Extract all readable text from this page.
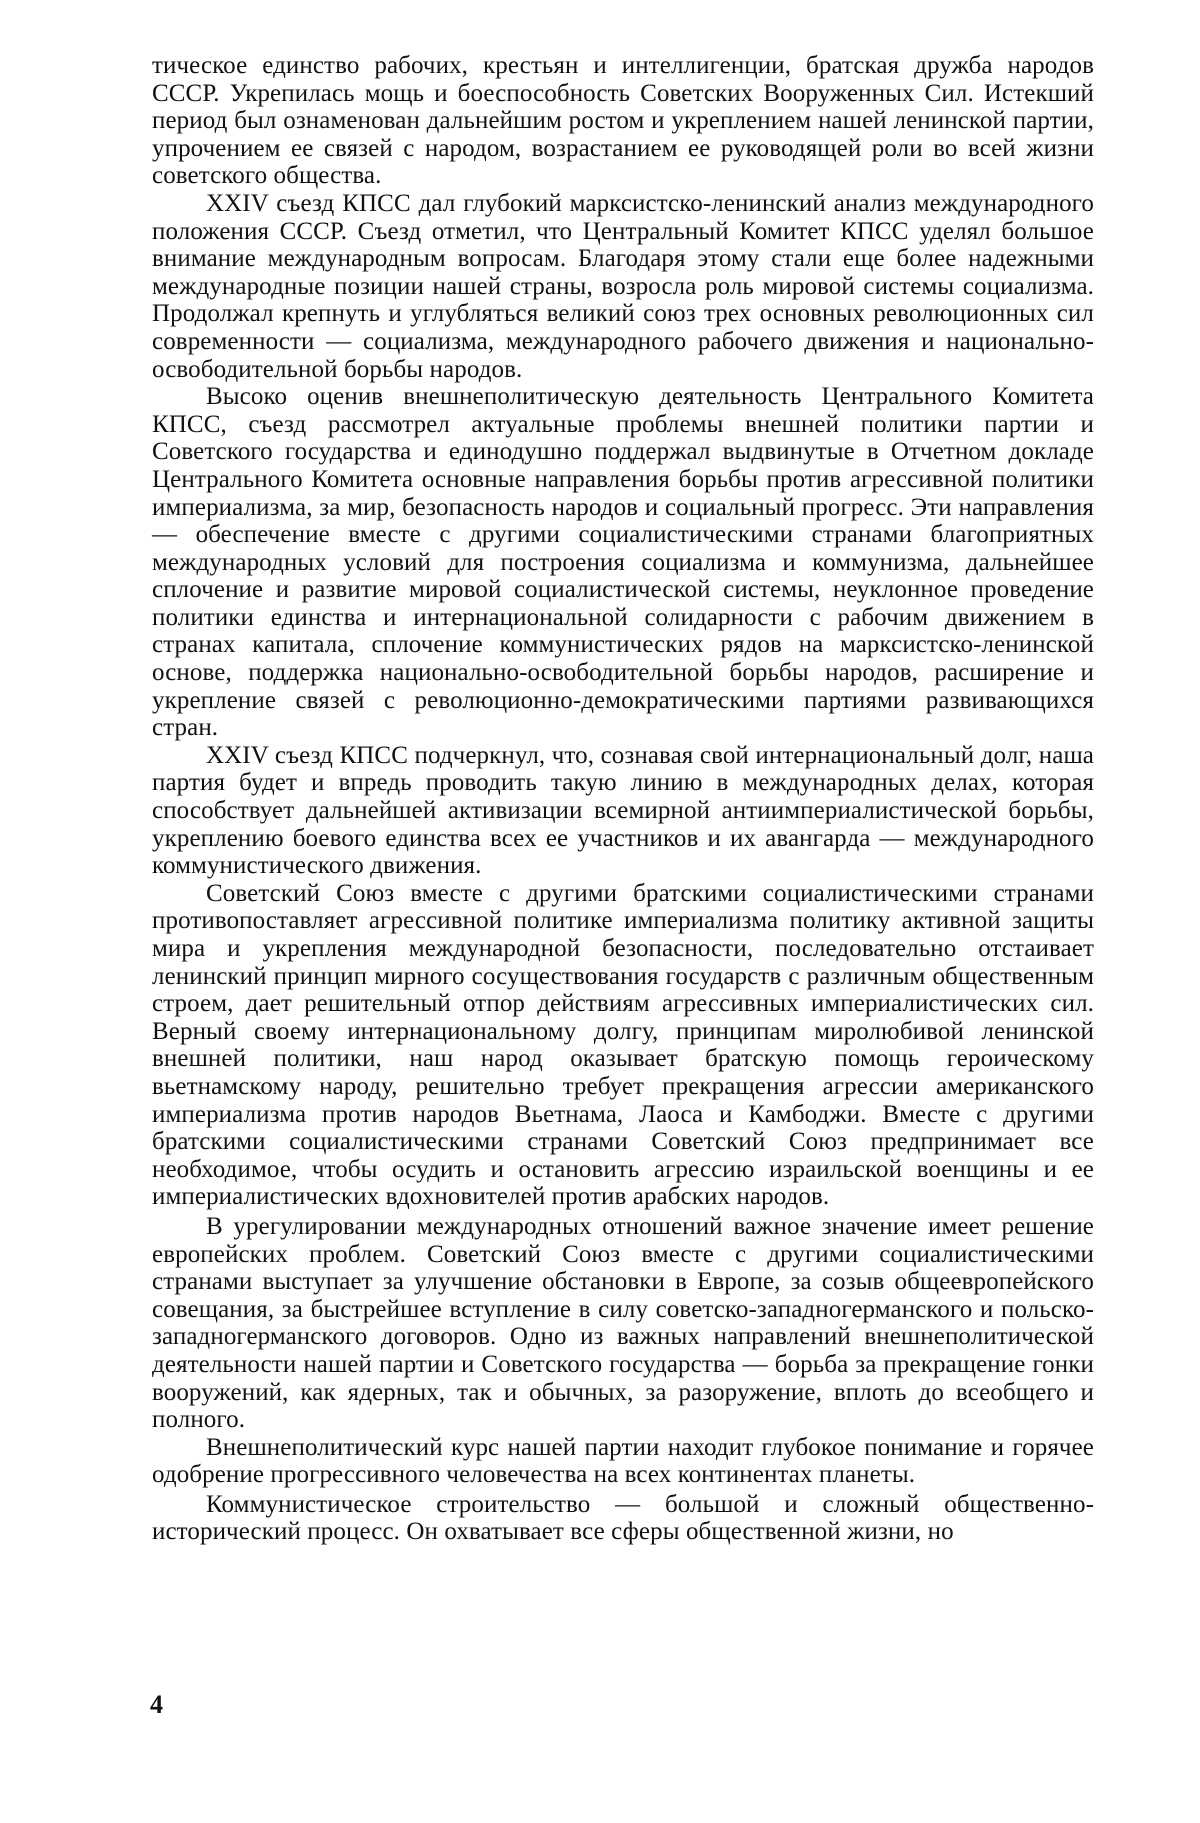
тическое единство рабочих, крестьян и интеллигенции, братская дружба народов СССР. Укрепилась мощь и боеспособность Советских Вооруженных Сил. Истекший период был ознаменован дальнейшим ростом и укреплением нашей ленинской партии, упрочением ее связей с народом, возрастанием ее руководящей роли во всей жизни советского общества.

XXIV съезд КПСС дал глубокий марксистско-ленинский анализ международного положения СССР. Съезд отметил, что Центральный Комитет КПСС уделял большое внимание международным вопросам. Благодаря этому стали еще более надежными международные позиции нашей страны, возросла роль мировой системы социализма. Продолжал крепнуть и углубляться великий союз трех основных революционных сил современности — социализма, международного рабочего движения и национально-освободительной борьбы народов.

Высоко оценив внешнеполитическую деятельность Центрального Комитета КПСС, съезд рассмотрел актуальные проблемы внешней политики партии и Советского государства и единодушно поддержал выдвинутые в Отчетном докладе Центрального Комитета основные направления борьбы против агрессивной политики империализма, за мир, безопасность народов и социальный прогресс. Эти направления — обеспечение вместе с другими социалистическими странами благоприятных международных условий для построения социализма и коммунизма, дальнейшее сплочение и развитие мировой социалистической системы, неуклонное проведение политики единства и интернациональной солидарности с рабочим движением в странах капитала, сплочение коммунистических рядов на марксистско-ленинской основе, поддержка национально-освободительной борьбы народов, расширение и укрепление связей с революционно-демократическими партиями развивающихся стран.

XXIV съезд КПСС подчеркнул, что, сознавая свой интернациональный долг, наша партия будет и впредь проводить такую линию в международных делах, которая способствует дальнейшей активизации всемирной антиимпериалистической борьбы, укреплению боевого единства всех ее участников и их авангарда — международного коммунистического движения.

Советский Союз вместе с другими братскими социалистическими странами противопоставляет агрессивной политике империализма политику активной защиты мира и укрепления международной безопасности, последовательно отстаивает ленинский принцип мирного сосуществования государств с различным общественным строем, дает решительный отпор действиям агрессивных империалистических сил. Верный своему интернациональному долгу, принципам миролюбивой ленинской внешней политики, наш народ оказывает братскую помощь героическому вьетнамскому народу, решительно требует прекращения агрессии американского империализма против народов Вьетнама, Лаоса и Камбоджи. Вместе с другими братскими социалистическими странами Советский Союз предпринимает все необходимое, чтобы осудить и остановить агрессию израильской военщины и ее империалистических вдохновителей против арабских народов.

В урегулировании международных отношений важное значение имеет решение европейских проблем. Советский Союз вместе с другими социалистическими странами выступает за улучшение обстановки в Европе, за созыв общеевропейского совещания, за быстрейшее вступление в силу советско-западногерманского и польско-западногерманского договоров. Одно из важных направлений внешнеполитической деятельности нашей партии и Советского государства — борьба за прекращение гонки вооружений, как ядерных, так и обычных, за разоружение, вплоть до всеобщего и полного.

Внешнеполитический курс нашей партии находит глубокое понимание и горячее одобрение прогрессивного человечества на всех континентах планеты.

Коммунистическое строительство — большой и сложный общественно-исторический процесс. Он охватывает все сферы общественной жизни, но

4
